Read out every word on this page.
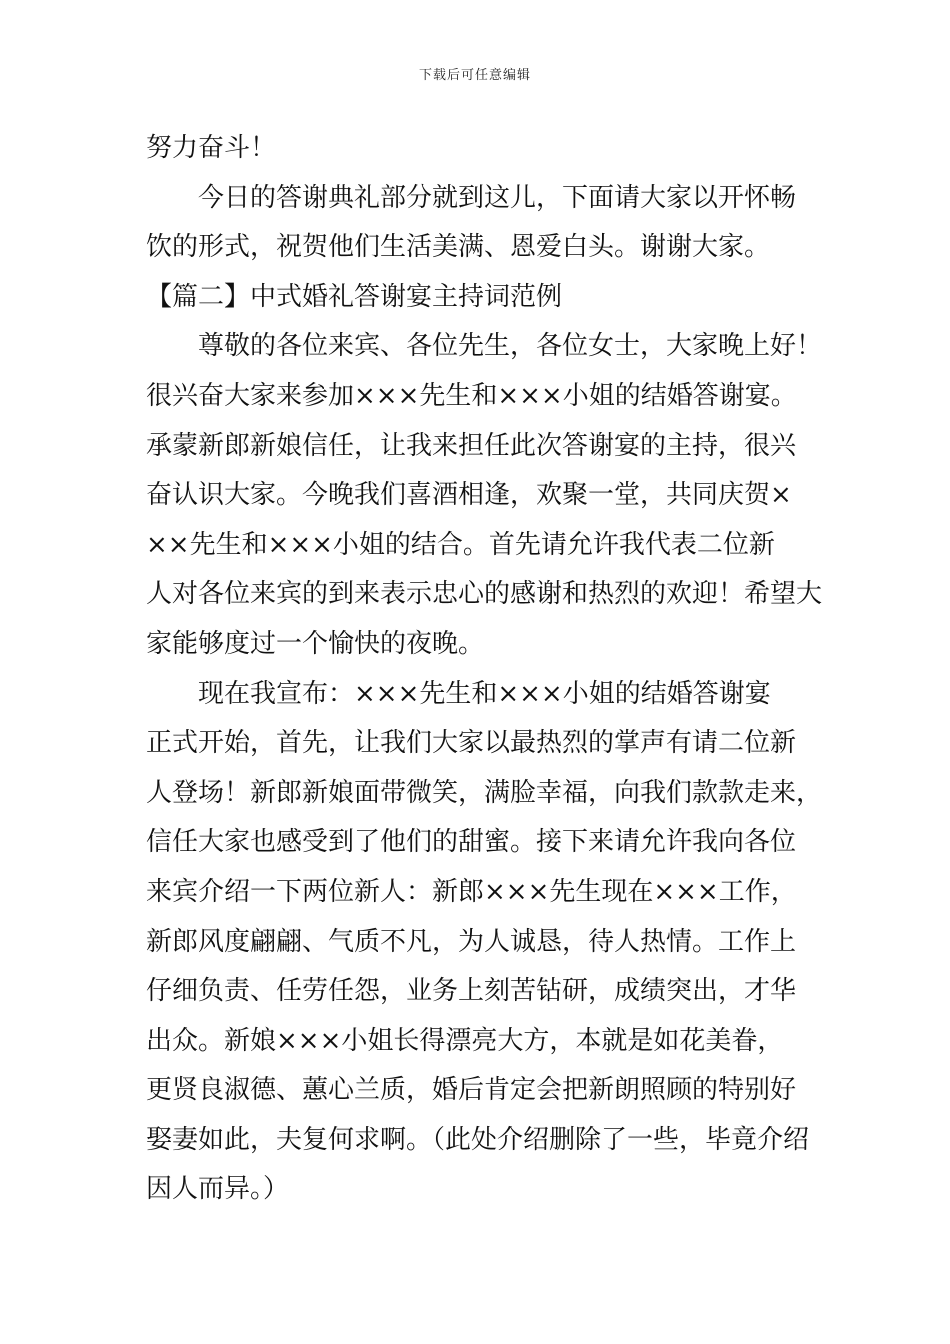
下载后可任意编辑
努力奋斗！
今日的答谢典礼部分就到这儿，下面请大家以开怀畅
饮的形式，祝贺他们生活美满、恩爱白头。谢谢大家。
【篇二】中式婚礼答谢宴主持词范例
尊敬的各位来宾、各位先生，各位女士，大家晚上好！
很兴奋大家来参加×××先生和×××小姐的结婚答谢宴。
承蒙新郎新娘信任，让我来担任此次答谢宴的主持，很兴
奋认识大家。今晚我们喜酒相逢，欢聚一堂，共同庆贺×
××先生和×××小姐的结合。首先请允许我代表二位新
人对各位来宾的到来表示忠心的感谢和热烈的欢迎！希望大
家能够度过一个愉快的夜晚。
现在我宣布：×××先生和×××小姐的结婚答谢宴
正式开始，首先，让我们大家以最热烈的掌声有请二位新
人登场！新郎新娘面带微笑，满脸幸福，向我们款款走来，
信任大家也感受到了他们的甜蜜。接下来请允许我向各位
来宾介绍一下两位新人：新郎×××先生现在×××工作，
新郎风度翩翩、气质不凡，为人诚恳，待人热情。工作上
仔细负责、任劳任怨，业务上刻苦钻研，成绩突出，才华
出众。新娘×××小姐长得漂亮大方，本就是如花美眷，
更贤良淑德、蕙心兰质，婚后肯定会把新朗照顾的特别好
娶妻如此，夫复何求啊。（此处介绍删除了一些，毕竟介绍
因人而异。）
